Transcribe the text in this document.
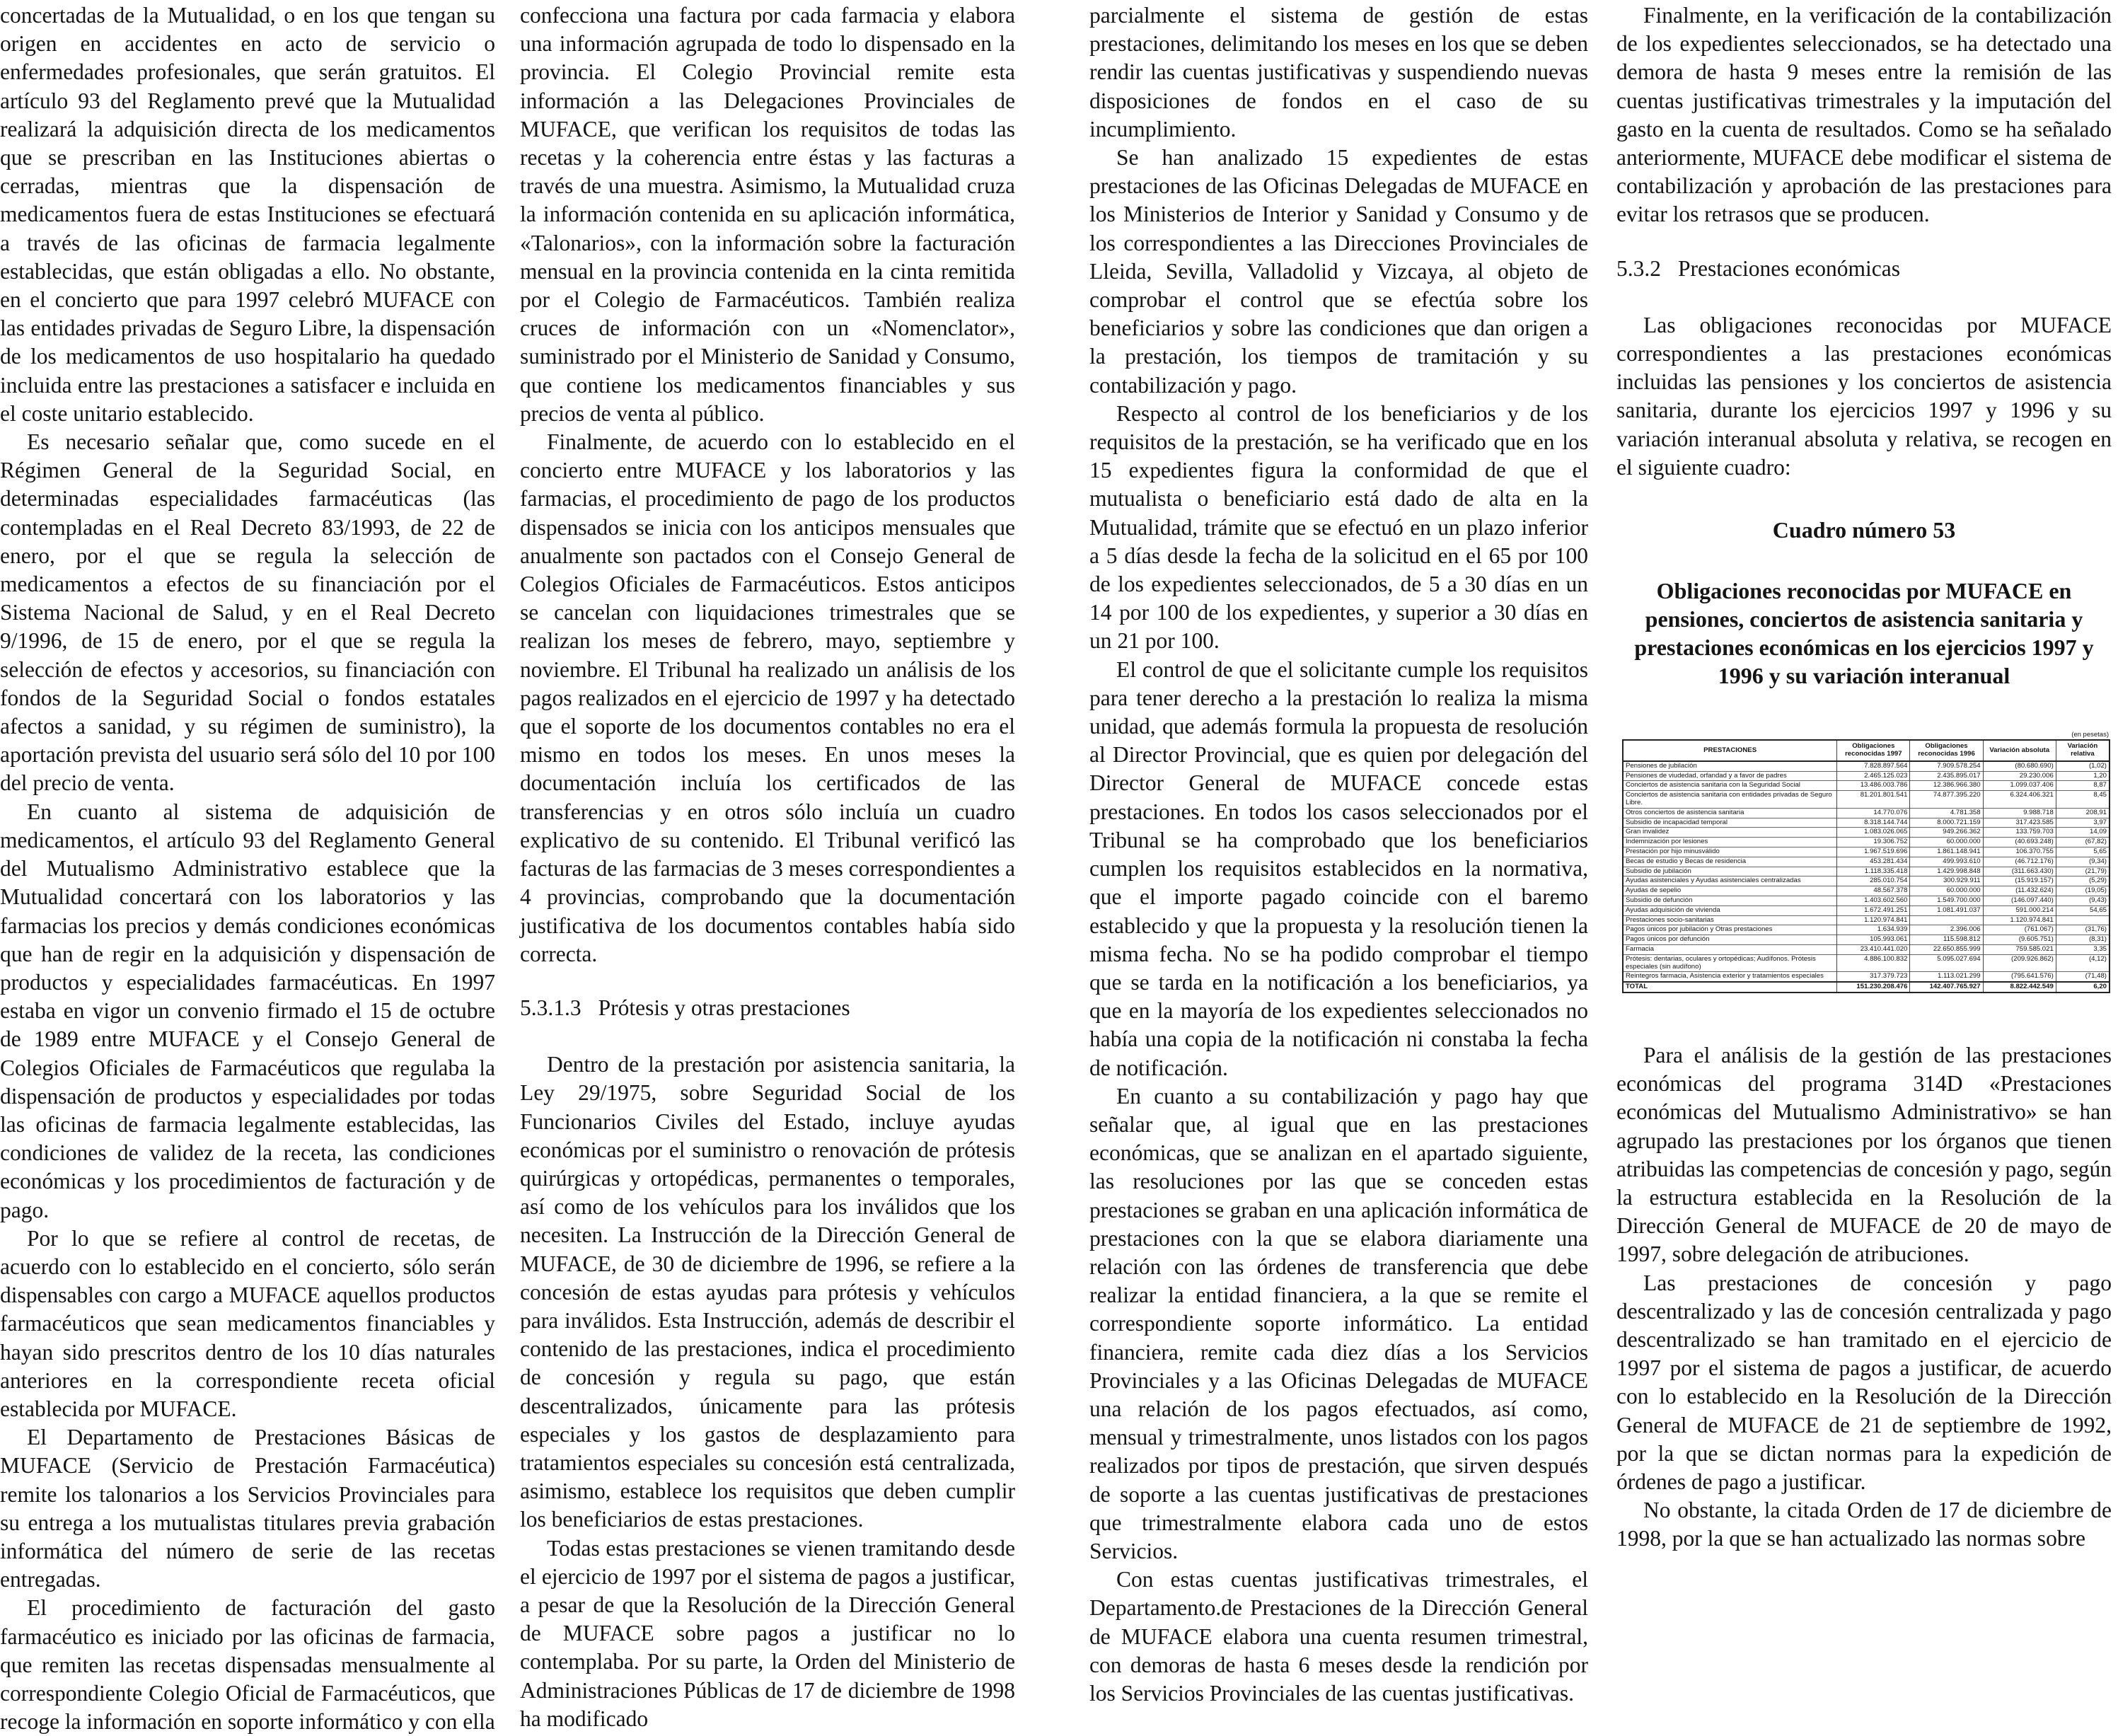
concertadas de la Mutualidad, o en los que tengan su origen en accidentes en acto de servicio o enfermedades profesionales, que serán gratuitos. El artículo 93 del Reglamento prevé que la Mutualidad realizará la adquisición directa de los medicamentos que se prescriban en las Instituciones abiertas o cerradas, mientras que la dispensación de medicamentos fuera de estas Instituciones se efectuará a través de las oficinas de farmacia legalmente establecidas, que están obligadas a ello. No obstante, en el concierto que para 1997 celebró MUFACE con las entidades privadas de Seguro Libre, la dispensación de los medicamentos de uso hospitalario ha quedado incluida entre las prestaciones a satisfacer e incluida en el coste unitario establecido.

Es necesario señalar que, como sucede en el Régimen General de la Seguridad Social, en determinadas especialidades farmacéuticas (las contempladas en el Real Decreto 83/1993, de 22 de enero, por el que se regula la selección de medicamentos a efectos de su financiación por el Sistema Nacional de Salud, y en el Real Decreto 9/1996, de 15 de enero, por el que se regula la selección de efectos y accesorios, su financiación con fondos de la Seguridad Social o fondos estatales afectos a sanidad, y su régimen de suministro), la aportación prevista del usuario será sólo del 10 por 100 del precio de venta.

En cuanto al sistema de adquisición de medicamentos, el artículo 93 del Reglamento General del Mutualismo Administrativo establece que la Mutualidad concertará con los laboratorios y las farmacias los precios y demás condiciones económicas que han de regir en la adquisición y dispensación de productos y especialidades farmacéuticas. En 1997 estaba en vigor un convenio firmado el 15 de octubre de 1989 entre MUFACE y el Consejo General de Colegios Oficiales de Farmacéuticos que regulaba la dispensación de productos y especialidades por todas las oficinas de farmacia legalmente establecidas, las condiciones de validez de la receta, las condiciones económicas y los procedimientos de facturación y de pago.

Por lo que se refiere al control de recetas, de acuerdo con lo establecido en el concierto, sólo serán dispensables con cargo a MUFACE aquellos productos farmacéuticos que sean medicamentos financiables y hayan sido prescritos dentro de los 10 días naturales anteriores en la correspondiente receta oficial establecida por MUFACE.

El Departamento de Prestaciones Básicas de MUFACE (Servicio de Prestación Farmacéutica) remite los talonarios a los Servicios Provinciales para su entrega a los mutualistas titulares previa grabación informática del número de serie de las recetas entregadas.

El procedimiento de facturación del gasto farmacéutico es iniciado por las oficinas de farmacia, que remiten las recetas dispensadas mensualmente al correspondiente Colegio Oficial de Farmacéuticos, que recoge la información en soporte informático y con ella

confecciona una factura por cada farmacia y elabora una información agrupada de todo lo dispensado en la provincia. El Colegio Provincial remite esta información a las Delegaciones Provinciales de MUFACE, que verifican los requisitos de todas las recetas y la coherencia entre éstas y las facturas a través de una muestra. Asimismo, la Mutualidad cruza la información contenida en su aplicación informática, «Talonarios», con la información sobre la facturación mensual en la provincia contenida en la cinta remitida por el Colegio de Farmacéuticos. También realiza cruces de información con un «Nomenclator», suministrado por el Ministerio de Sanidad y Consumo, que contiene los medicamentos financiables y sus precios de venta al público.

Finalmente, de acuerdo con lo establecido en el concierto entre MUFACE y los laboratorios y las farmacias, el procedimiento de pago de los productos dispensados se inicia con los anticipos mensuales que anualmente son pactados con el Consejo General de Colegios Oficiales de Farmacéuticos. Estos anticipos se cancelan con liquidaciones trimestrales que se realizan los meses de febrero, mayo, septiembre y noviembre. El Tribunal ha realizado un análisis de los pagos realizados en el ejercicio de 1997 y ha detectado que el soporte de los documentos contables no era el mismo en todos los meses. En unos meses la documentación incluía los certificados de las transferencias y en otros sólo incluía un cuadro explicativo de su contenido. El Tribunal verificó las facturas de las farmacias de 3 meses correspondientes a 4 provincias, comprobando que la documentación justificativa de los documentos contables había sido correcta.

5.3.1.3 Prótesis y otras prestaciones

Dentro de la prestación por asistencia sanitaria, la Ley 29/1975, sobre Seguridad Social de los Funcionarios Civiles del Estado, incluye ayudas económicas por el suministro o renovación de prótesis quirúrgicas y ortopédicas, permanentes o temporales, así como de los vehículos para los inválidos que los necesiten. La Instrucción de la Dirección General de MUFACE, de 30 de diciembre de 1996, se refiere a la concesión de estas ayudas para prótesis y vehículos para inválidos. Esta Instrucción, además de describir el contenido de las prestaciones, indica el procedimiento de concesión y regula su pago, que están descentralizados, únicamente para las prótesis especiales y los gastos de desplazamiento para tratamientos especiales su concesión está centralizada, asimismo, establece los requisitos que deben cumplir los beneficiarios de estas prestaciones.

Todas estas prestaciones se vienen tramitando desde el ejercicio de 1997 por el sistema de pagos a justificar, a pesar de que la Resolución de la Dirección General de MUFACE sobre pagos a justificar no lo contemplaba. Por su parte, la Orden del Ministerio de Administraciones Públicas de 17 de diciembre de 1998 ha modificado

parcialmente el sistema de gestión de estas prestaciones, delimitando los meses en los que se deben rendir las cuentas justificativas y suspendiendo nuevas disposiciones de fondos en el caso de su incumplimiento.

Se han analizado 15 expedientes de estas prestaciones de las Oficinas Delegadas de MUFACE en los Ministerios de Interior y Sanidad y Consumo y de los correspondientes a las Direcciones Provinciales de Lleida, Sevilla, Valladolid y Vizcaya, al objeto de comprobar el control que se efectúa sobre los beneficiarios y sobre las condiciones que dan origen a la prestación, los tiempos de tramitación y su contabilización y pago.

Respecto al control de los beneficiarios y de los requisitos de la prestación, se ha verificado que en los 15 expedientes figura la conformidad de que el mutualista o beneficiario está dado de alta en la Mutualidad, trámite que se efectuó en un plazo inferior a 5 días desde la fecha de la solicitud en el 65 por 100 de los expedientes seleccionados, de 5 a 30 días en un 14 por 100 de los expedientes, y superior a 30 días en un 21 por 100.

El control de que el solicitante cumple los requisitos para tener derecho a la prestación lo realiza la misma unidad, que además formula la propuesta de resolución al Director Provincial, que es quien por delegación del Director General de MUFACE concede estas prestaciones. En todos los casos seleccionados por el Tribunal se ha comprobado que los beneficiarios cumplen los requisitos establecidos en la normativa, que el importe pagado coincide con el baremo establecido y que la propuesta y la resolución tienen la misma fecha. No se ha podido comprobar el tiempo que se tarda en la notificación a los beneficiarios, ya que en la mayoría de los expedientes seleccionados no había una copia de la notificación ni constaba la fecha de notificación.

En cuanto a su contabilización y pago hay que señalar que, al igual que en las prestaciones económicas, que se analizan en el apartado siguiente, las resoluciones por las que se conceden estas prestaciones se graban en una aplicación informática de prestaciones con la que se elabora diariamente una relación con las órdenes de transferencia que debe realizar la entidad financiera, a la que se remite el correspondiente soporte informático. La entidad financiera, remite cada diez días a los Servicios Provinciales y a las Oficinas Delegadas de MUFACE una relación de los pagos efectuados, así como, mensual y trimestralmente, unos listados con los pagos realizados por tipos de prestación, que sirven después de soporte a las cuentas justificativas de prestaciones que trimestralmente elabora cada uno de estos Servicios.

Con estas cuentas justificativas trimestrales, el Departamento.de Prestaciones de la Dirección General de MUFACE elabora una cuenta resumen trimestral, con demoras de hasta 6 meses desde la rendición por los Servicios Provinciales de las cuentas justificativas.

Finalmente, en la verificación de la contabilización de los expedientes seleccionados, se ha detectado una demora de hasta 9 meses entre la remisión de las cuentas justificativas trimestrales y la imputación del gasto en la cuenta de resultados. Como se ha señalado anteriormente, MUFACE debe modificar el sistema de contabilización y aprobación de las prestaciones para evitar los retrasos que se producen.

5.3.2 Prestaciones económicas

Las obligaciones reconocidas por MUFACE correspondientes a las prestaciones económicas incluidas las pensiones y los conciertos de asistencia sanitaria, durante los ejercicios 1997 y 1996 y su variación interanual absoluta y relativa, se recogen en el siguiente cuadro:

Cuadro número 53
Obligaciones reconocidas por MUFACE en pensiones, conciertos de asistencia sanitaria y prestaciones económicas en los ejercicios 1997 y 1996 y su variación interanual
(en pesetas)
PRESTACIONES	Obligaciones reconocidas 1997	Obligaciones reconocidas 1996	Variación absoluta	Variación relativa
Pensiones de jubilación	7.828.897.564	7.909.578.254	(80.680.690)	(1,02)
Pensiones de viudedad, orfandad y a favor de padres	2.465.125.023	2.435.895.017	29.230.006	1,20
Conciertos de asistencia sanitaria con la Seguridad Social	13.486.003.786	12.386.966.380	1.099.037.406	8,87
Conciertos de asistencia sanitaria con entidades privadas de Seguro Libre.	81.201.801.541	74.877.395.220	6.324.406.321	8,45
Otros conciertos de asistencia sanitaria	14.770.076	4.781.358	9.988.718	208,91
Subsidio de incapacidad temporal	8.318.144.744	8.000.721.159	317.423.585	3,97
Gran invalidez	1.083.026.065	949.266.362	133.759.703	14,09
Indemnización por lesiones	19.306.752	60.000.000	(40.693.248)	(67,82)
Prestación por hijo minusválido	1.967.519.696	1.861.148.941	106.370.755	5,65
Becas de estudio y Becas de residencia	453.281.434	499.993.610	(46.712.176)	(9,34)
Subsidio de jubilación	1.118.335.418	1.429.998.848	(311.663.430)	(21,79)
Ayudas asistenciales y Ayudas asistenciales centralizadas	285.010.754	300.929.911	(15.919.157)	(5,29)
Ayudas de sepelio	48.567.378	60.000.000	(11.432.624)	(19,05)
Subsidio de defunción	1.403.602.560	1.549.700.000	(146.097.440)	(9,43)
Ayudas adquisición de vivienda	1.672.491.251	1.081.491.037	591.000.214	54,65
Prestaciones socio-sanitarias	1.120.974.841		1.120.974.841	
Pagos únicos por jubilación y Otras prestaciones	1.634.939	2.396.006	(761.067)	(31,76)
Pagos únicos por defunción	105.993.061	115.598.812	(9.605.751)	(8,31)
Farmacia	23.410.441.020	22.650.855.999	759.585.021	3,35
Prótesis: dentarias, oculares y ortopédicas; Audífonos. Prótesis especiales (sin audífono)	4.886.100.832	5.095.027.694	(209.926.862)	(4,12)
Reintegros farmacia, Asistencia exterior y tratamientos especiales	317.379.723	1.113.021.299	(795.641.576)	(71,48)
TOTAL	151.230.208.476	142.407.765.927	8.822.442.549	6,20

Para el análisis de la gestión de las prestaciones económicas del programa 314D «Prestaciones económicas del Mutualismo Administrativo» se han agrupado las prestaciones por los órganos que tienen atribuidas las competencias de concesión y pago, según la estructura establecida en la Resolución de la Dirección General de MUFACE de 20 de mayo de 1997, sobre delegación de atribuciones.

Las prestaciones de concesión y pago descentralizado y las de concesión centralizada y pago descentralizado se han tramitado en el ejercicio de 1997 por el sistema de pagos a justificar, de acuerdo con lo establecido en la Resolución de la Dirección General de MUFACE de 21 de septiembre de 1992, por la que se dictan normas para la expedición de órdenes de pago a justificar.

No obstante, la citada Orden de 17 de diciembre de 1998, por la que se han actualizado las normas sobre
